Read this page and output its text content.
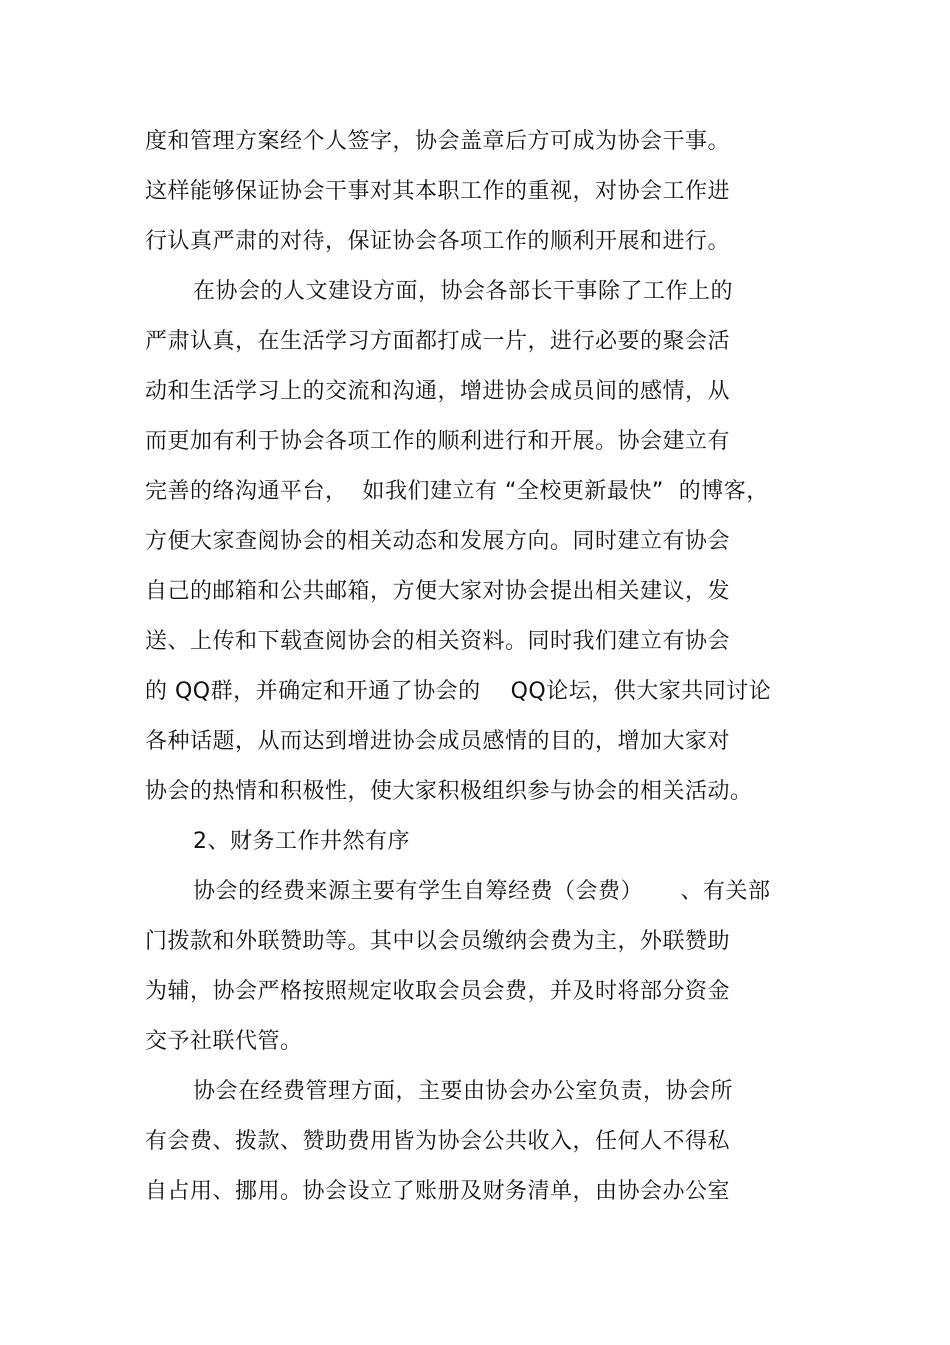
度和管理方案经个人签字，协会盖章后方可成为协会干事。
这样能够保证协会干事对其本职工作的重视，对协会工作进
行认真严肃的对待，保证协会各项工作的顺利开展和进行。
在协会的人文建设方面，协会各部长干事除了工作上的
严肃认真，在生活学习方面都打成一片，进行必要的聚会活
动和生活学习上的交流和沟通，增进协会成员间的感情，从
而更加有利于协会各项工作的顺利进行和开展。协会建立有
完善的络沟通平台，  如我们建立有 “全校更新最快”  的博客，
方便大家查阅协会的相关动态和发展方向。同时建立有协会
自己的邮箱和公共邮箱，方便大家对协会提出相关建议，发
送、上传和下载查阅协会的相关资料。同时我们建立有协会
的 QQ群，并确定和开通了协会的    QQ论坛，供大家共同讨论
各种话题，从而达到增进协会成员感情的目的，增加大家对
协会的热情和积极性，使大家积极组织参与协会的相关活动。
2、财务工作井然有序
协会的经费来源主要有学生自筹经费（会费）     、有关部
门拨款和外联赞助等。其中以会员缴纳会费为主，外联赞助
为辅，协会严格按照规定收取会员会费，并及时将部分资金
交予社联代管。
协会在经费管理方面，主要由协会办公室负责，协会所
有会费、拨款、赞助费用皆为协会公共收入，任何人不得私
自占用、挪用。协会设立了账册及财务清单，由协会办公室
